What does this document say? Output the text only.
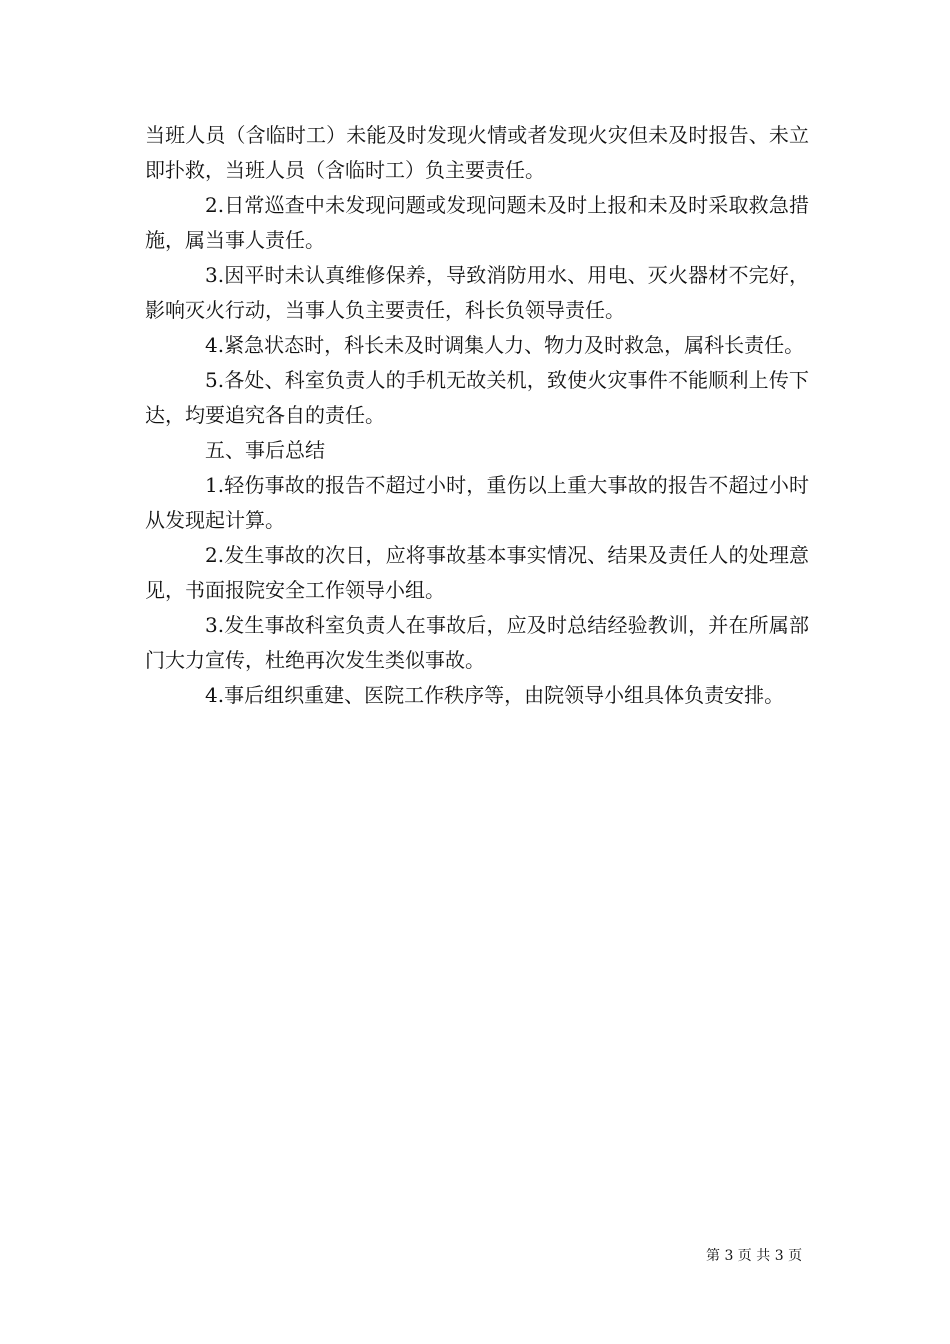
当班人员（含临时工）未能及时发现火情或者发现火灾但未及时报告、未立即扑救，当班人员（含临时工）负主要责任。

2.日常巡查中未发现问题或发现问题未及时上报和未及时采取救急措施，属当事人责任。

3.因平时未认真维修保养，导致消防用水、用电、灭火器材不完好，影响灭火行动，当事人负主要责任，科长负领导责任。

4.紧急状态时，科长未及时调集人力、物力及时救急，属科长责任。

5.各处、科室负责人的手机无故关机，致使火灾事件不能顺利上传下达，均要追究各自的责任。

五、事后总结

1.轻伤事故的报告不超过小时，重伤以上重大事故的报告不超过小时从发现起计算。

2.发生事故的次日，应将事故基本事实情况、结果及责任人的处理意见，书面报院安全工作领导小组。

3.发生事故科室负责人在事故后，应及时总结经验教训，并在所属部门大力宣传，杜绝再次发生类似事故。

4.事后组织重建、医院工作秩序等，由院领导小组具体负责安排。

第 3 页 共 3 页
